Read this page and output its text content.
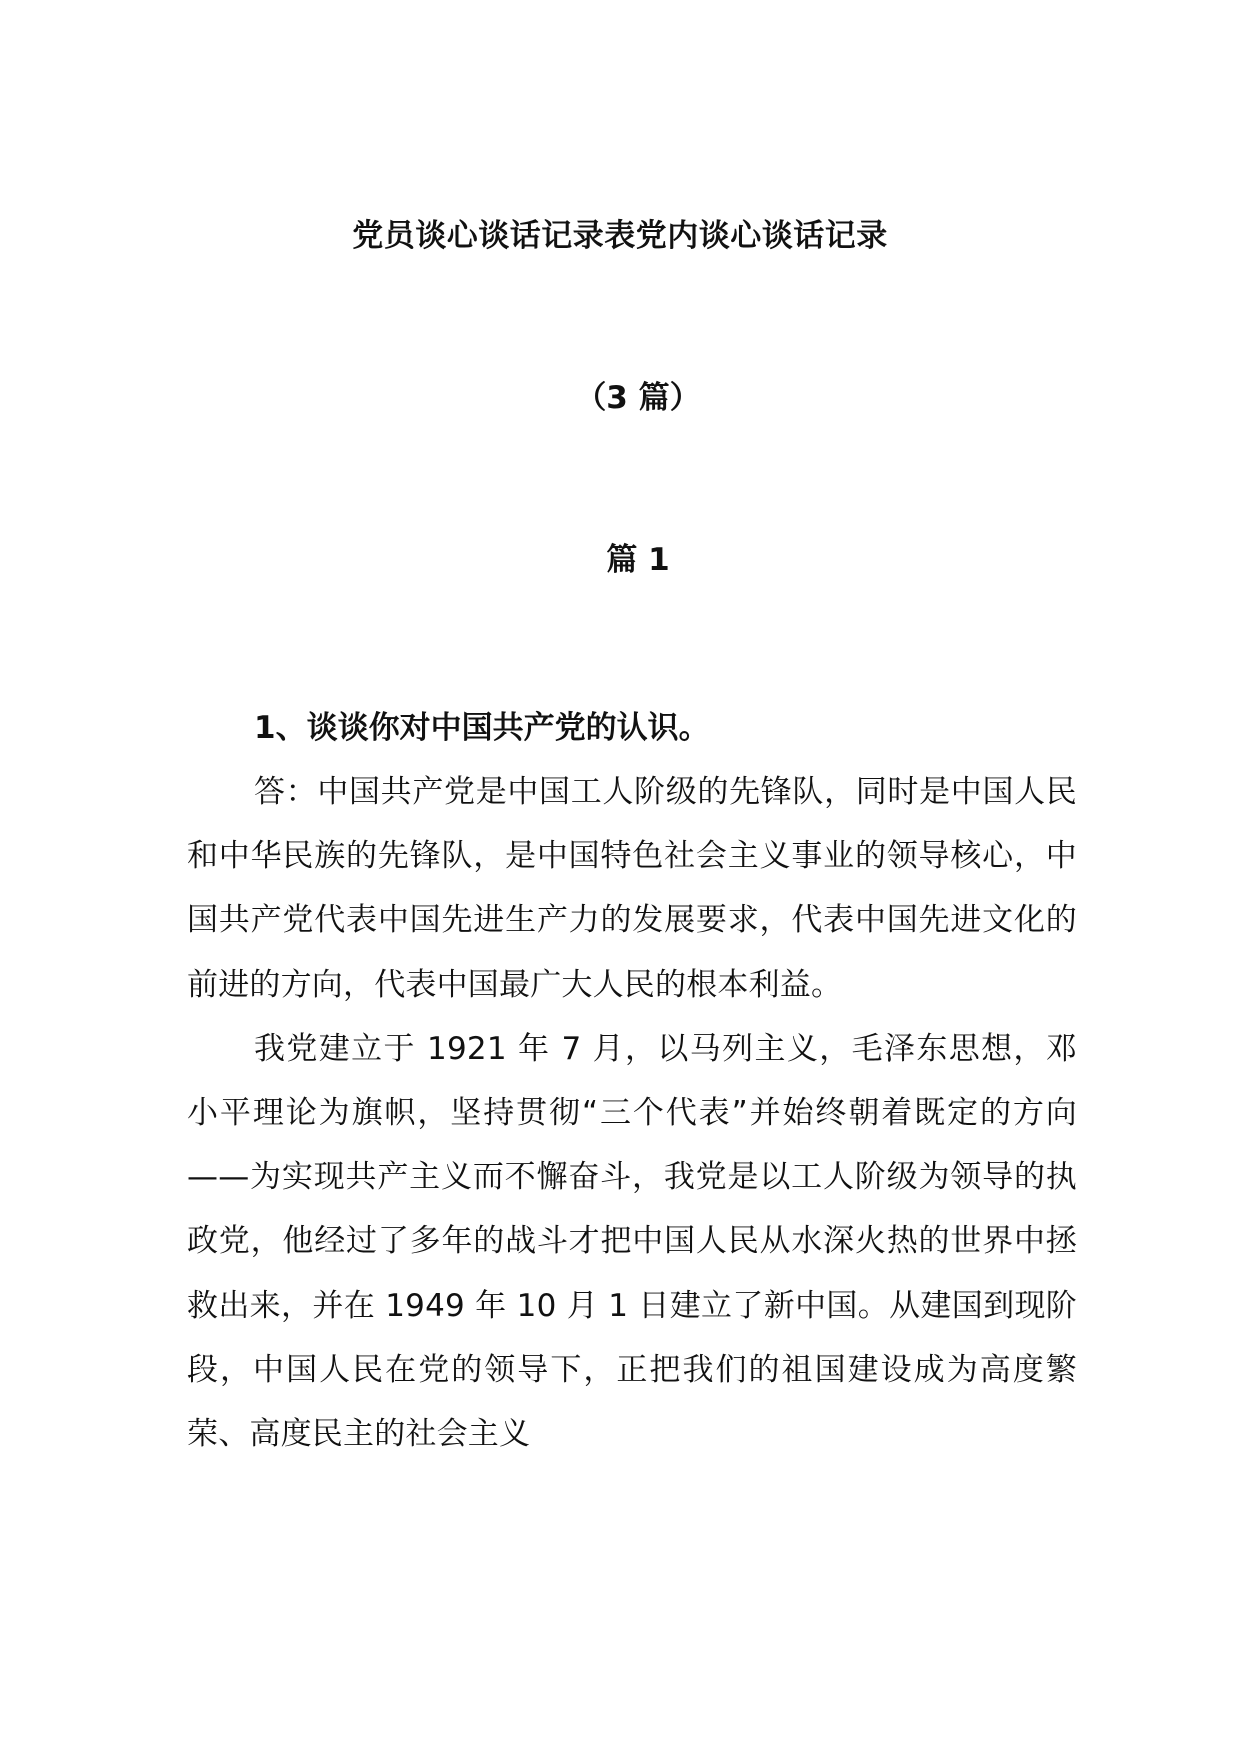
党员谈心谈话记录表党内谈心谈话记录
（3 篇）
篇 1

1、谈谈你对中国共产党的认识。

答：中国共产党是中国工人阶级的先锋队，同时是中国人民和中华民族的先锋队，是中国特色社会主义事业的领导核心，中国共产党代表中国先进生产力的发展要求，代表中国先进文化的前进的方向，代表中国最广大人民的根本利益。

我党建立于 1921 年 7 月，以马列主义，毛泽东思想，邓小平理论为旗帜，坚持贯彻“三个代表”并始终朝着既定的方向——为实现共产主义而不懈奋斗，我党是以工人阶级为领导的执政党，他经过了多年的战斗才把中国人民从水深火热的世界中拯救出来，并在 1949 年 10 月 1 日建立了新中国。从建国到现阶段，中国人民在党的领导下，正把我们的祖国建设成为高度繁荣、高度民主的社会主义
